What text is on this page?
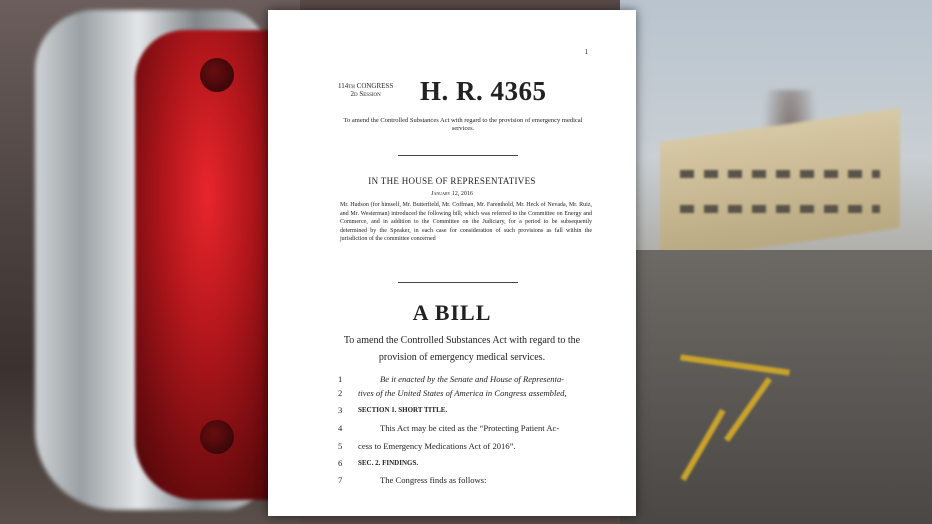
1
114th CONGRESS
2d Session	H. R. 4365
To amend the Controlled Substances Act with regard to the provision of emergency medical services.
IN THE HOUSE OF REPRESENTATIVES
January 12, 2016
Mr. Hudson (for himself, Mr. Butterfield, Mr. Coffman, Mr. Farenthold, Mr. Heck of Nevada, Mr. Ruiz, and Mr. Westerman) introduced the following bill; which was referred to the Committee on Energy and Commerce, and in addition to the Committee on the Judiciary, for a period to be subsequently determined by the Speaker, in each case for consideration of such provisions as fall within the jurisdiction of the committee concerned
A BILL
To amend the Controlled Substances Act with regard to the provision of emergency medical services.
1	Be it enacted by the Senate and House of Representa-
2	tives of the United States of America in Congress assembled,
3	SECTION 1. SHORT TITLE.
4	This Act may be cited as the “Protecting Patient Ac-
5	cess to Emergency Medications Act of 2016”.
6	SEC. 2. FINDINGS.
7	The Congress finds as follows:
